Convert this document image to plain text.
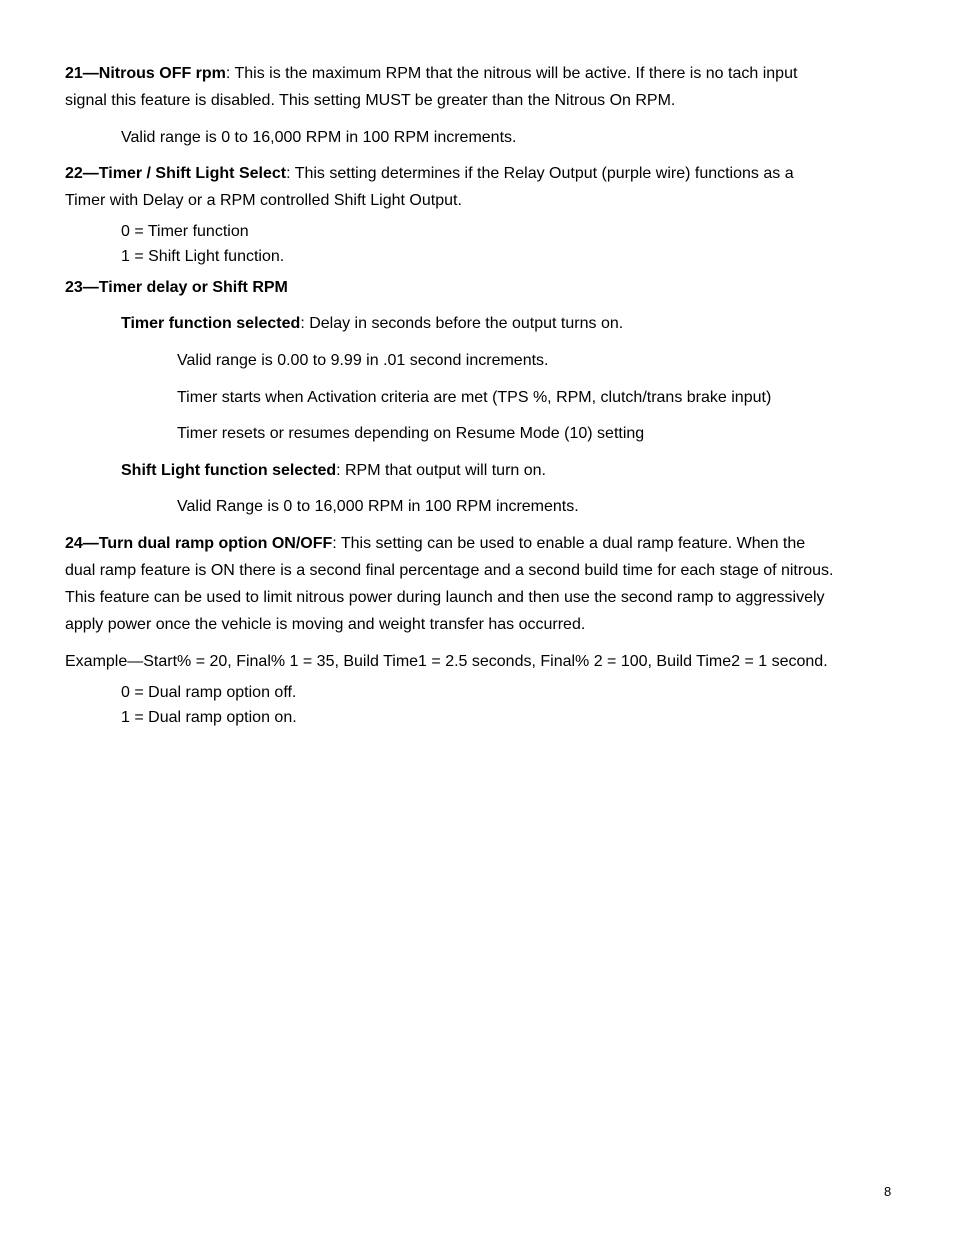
21—Nitrous OFF rpm: This is the maximum RPM that the nitrous will be active. If there is no tach input
signal this feature is disabled. This setting MUST be greater than the Nitrous On RPM.
Valid range is 0 to 16,000 RPM in 100 RPM increments.
22—Timer / Shift Light Select: This setting determines if the Relay Output (purple wire) functions as a
Timer with Delay or a RPM controlled Shift Light Output.
0 = Timer function
1 = Shift Light function.
23—Timer delay or Shift RPM
Timer function selected: Delay in seconds before the output turns on.
Valid range is 0.00 to 9.99 in .01 second increments.
Timer starts when Activation criteria are met (TPS %, RPM, clutch/trans brake input)
Timer resets or resumes depending on Resume Mode (10) setting
Shift Light function selected: RPM that output will turn on.
Valid Range is 0 to 16,000 RPM in 100 RPM increments.
24—Turn dual ramp option ON/OFF: This setting can be used to enable a dual ramp feature. When the
dual ramp feature is ON there is a second final percentage and a second build time for each stage of nitrous.
This feature can be used to limit nitrous power during launch and then use the second ramp to aggressively
apply power once the vehicle is moving and weight transfer has occurred.
Example—Start% = 20, Final% 1 = 35, Build Time1 = 2.5 seconds, Final% 2 = 100, Build Time2 = 1 second.
0 = Dual ramp option off.
1 = Dual ramp option on.
8
